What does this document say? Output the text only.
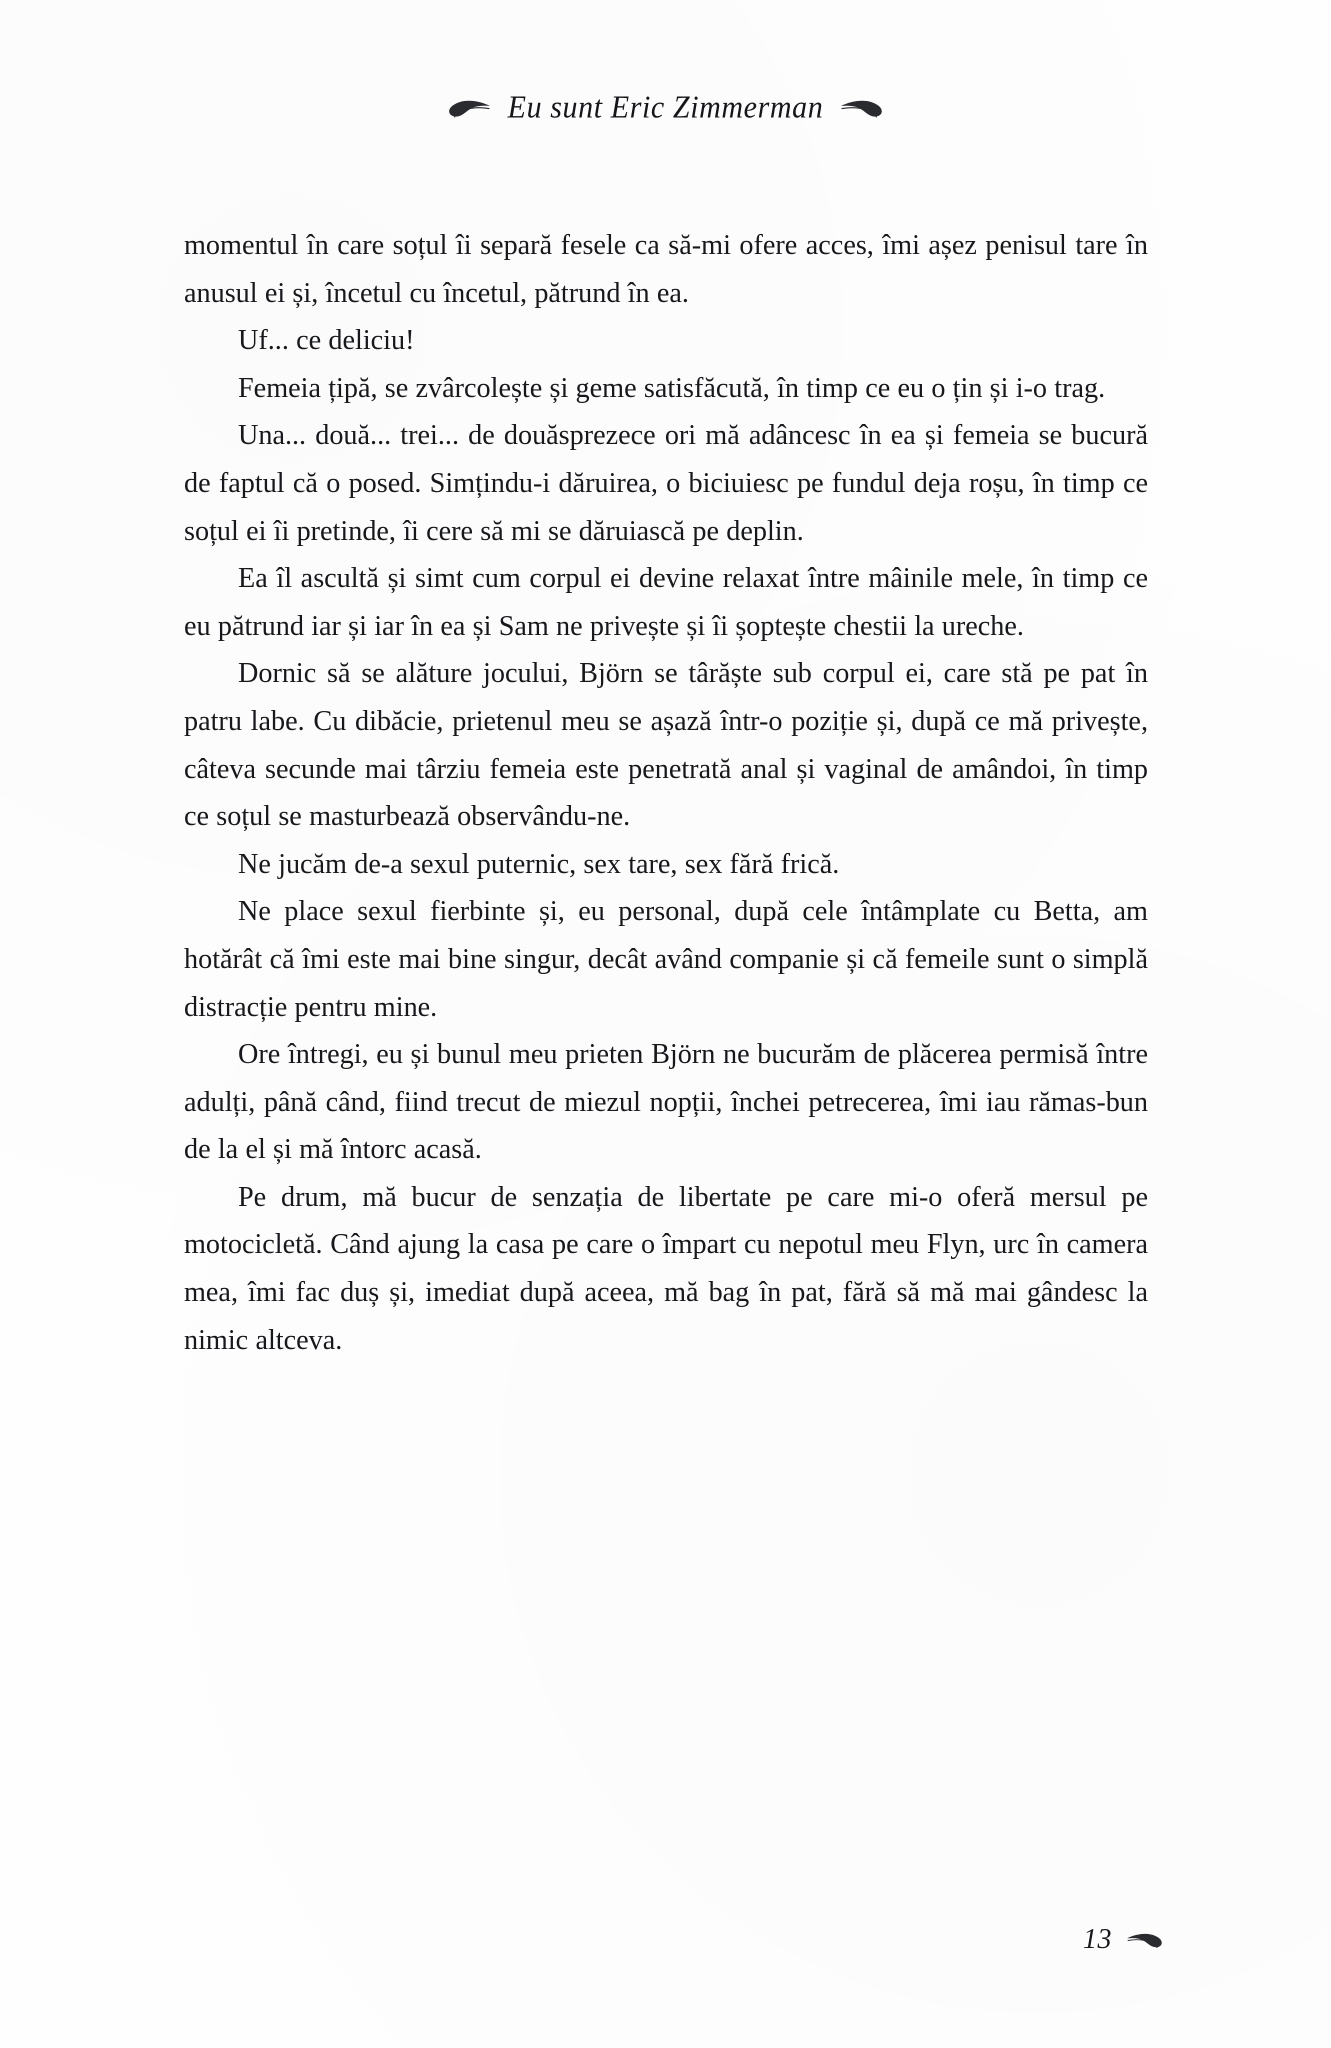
Eu sunt Eric Zimmerman

momentul în care soțul îi separă fesele ca să-mi ofere acces, îmi așez penisul tare în anusul ei și, încetul cu încetul, pătrund în ea.

Uf... ce deliciu!

Femeia țipă, se zvârcolește și geme satisfăcută, în timp ce eu o țin și i-o trag.

Una... două... trei... de douăsprezece ori mă adâncesc în ea și femeia se bucură de faptul că o posed. Simțindu-i dăruirea, o biciuiesc pe fundul deja roșu, în timp ce soțul ei îi pretinde, îi cere să mi se dăruiască pe deplin.

Ea îl ascultă și simt cum corpul ei devine relaxat între mâinile mele, în timp ce eu pătrund iar și iar în ea și Sam ne privește și îi șoptește chestii la ureche.

Dornic să se alăture jocului, Björn se târăște sub corpul ei, care stă pe pat în patru labe. Cu dibăcie, prietenul meu se așază într-o poziție și, după ce mă privește, câteva secunde mai târziu femeia este penetrată anal și vaginal de amândoi, în timp ce soțul se masturbează observându-ne.

Ne jucăm de-a sexul puternic, sex tare, sex fără frică.

Ne place sexul fierbinte și, eu personal, după cele întâmplate cu Betta, am hotărât că îmi este mai bine singur, decât având companie și că femeile sunt o simplă distracție pentru mine.

Ore întregi, eu și bunul meu prieten Björn ne bucurăm de plăcerea permisă între adulți, până când, fiind trecut de miezul nopții, închei petrecerea, îmi iau rămas-bun de la el și mă întorc acasă.

Pe drum, mă bucur de senzația de libertate pe care mi-o oferă mersul pe motocicletă. Când ajung la casa pe care o împart cu nepotul meu Flyn, urc în camera mea, îmi fac duș și, imediat după aceea, mă bag în pat, fără să mă mai gândesc la nimic altceva.

13
